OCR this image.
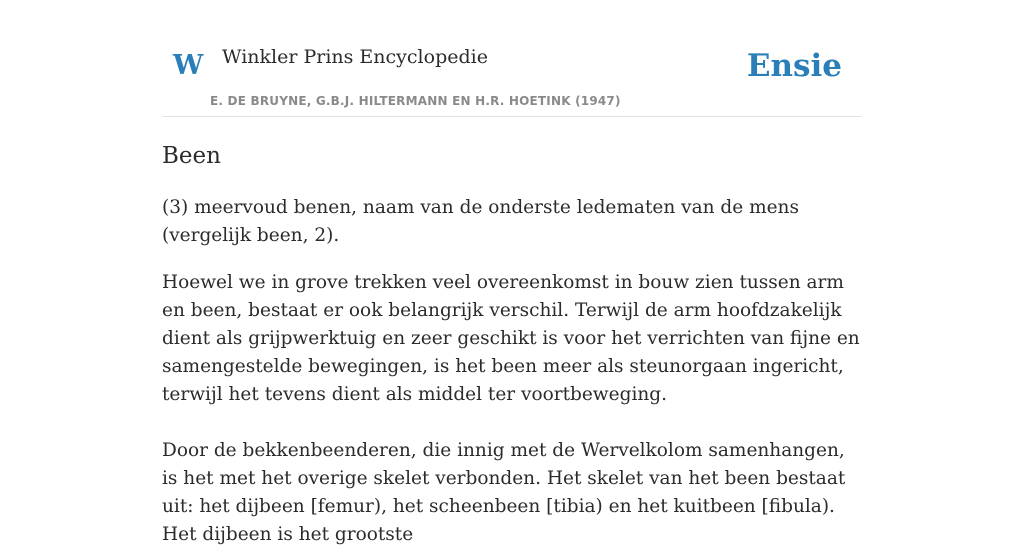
W Winkler Prins Encyclopedie
E. DE BRUYNE, G.B.J. HILTERMANN EN H.R. HOETINK (1947)
Ensie
Been

(3) meervoud benen, naam van de onderste ledematen van de mens (vergelijk been, 2).

Hoewel we in grove trekken veel overeenkomst in bouw zien tussen arm en been, bestaat er ook belangrijk verschil. Terwijl de arm hoofdzakelijk dient als grijpwerktuig en zeer geschikt is voor het verrichten van fijne en samengestelde bewegingen, is het been meer als steunorgaan ingericht, terwijl het tevens dient als middel ter voortbeweging.

Door de bekkenbeenderen, die innig met de Wervelkolom samenhangen, is het met het overige skelet verbonden. Het skelet van het been bestaat uit: het dijbeen [femur), het scheenbeen [tibia) en het kuitbeen [fibula). Het dijbeen is het grootste
